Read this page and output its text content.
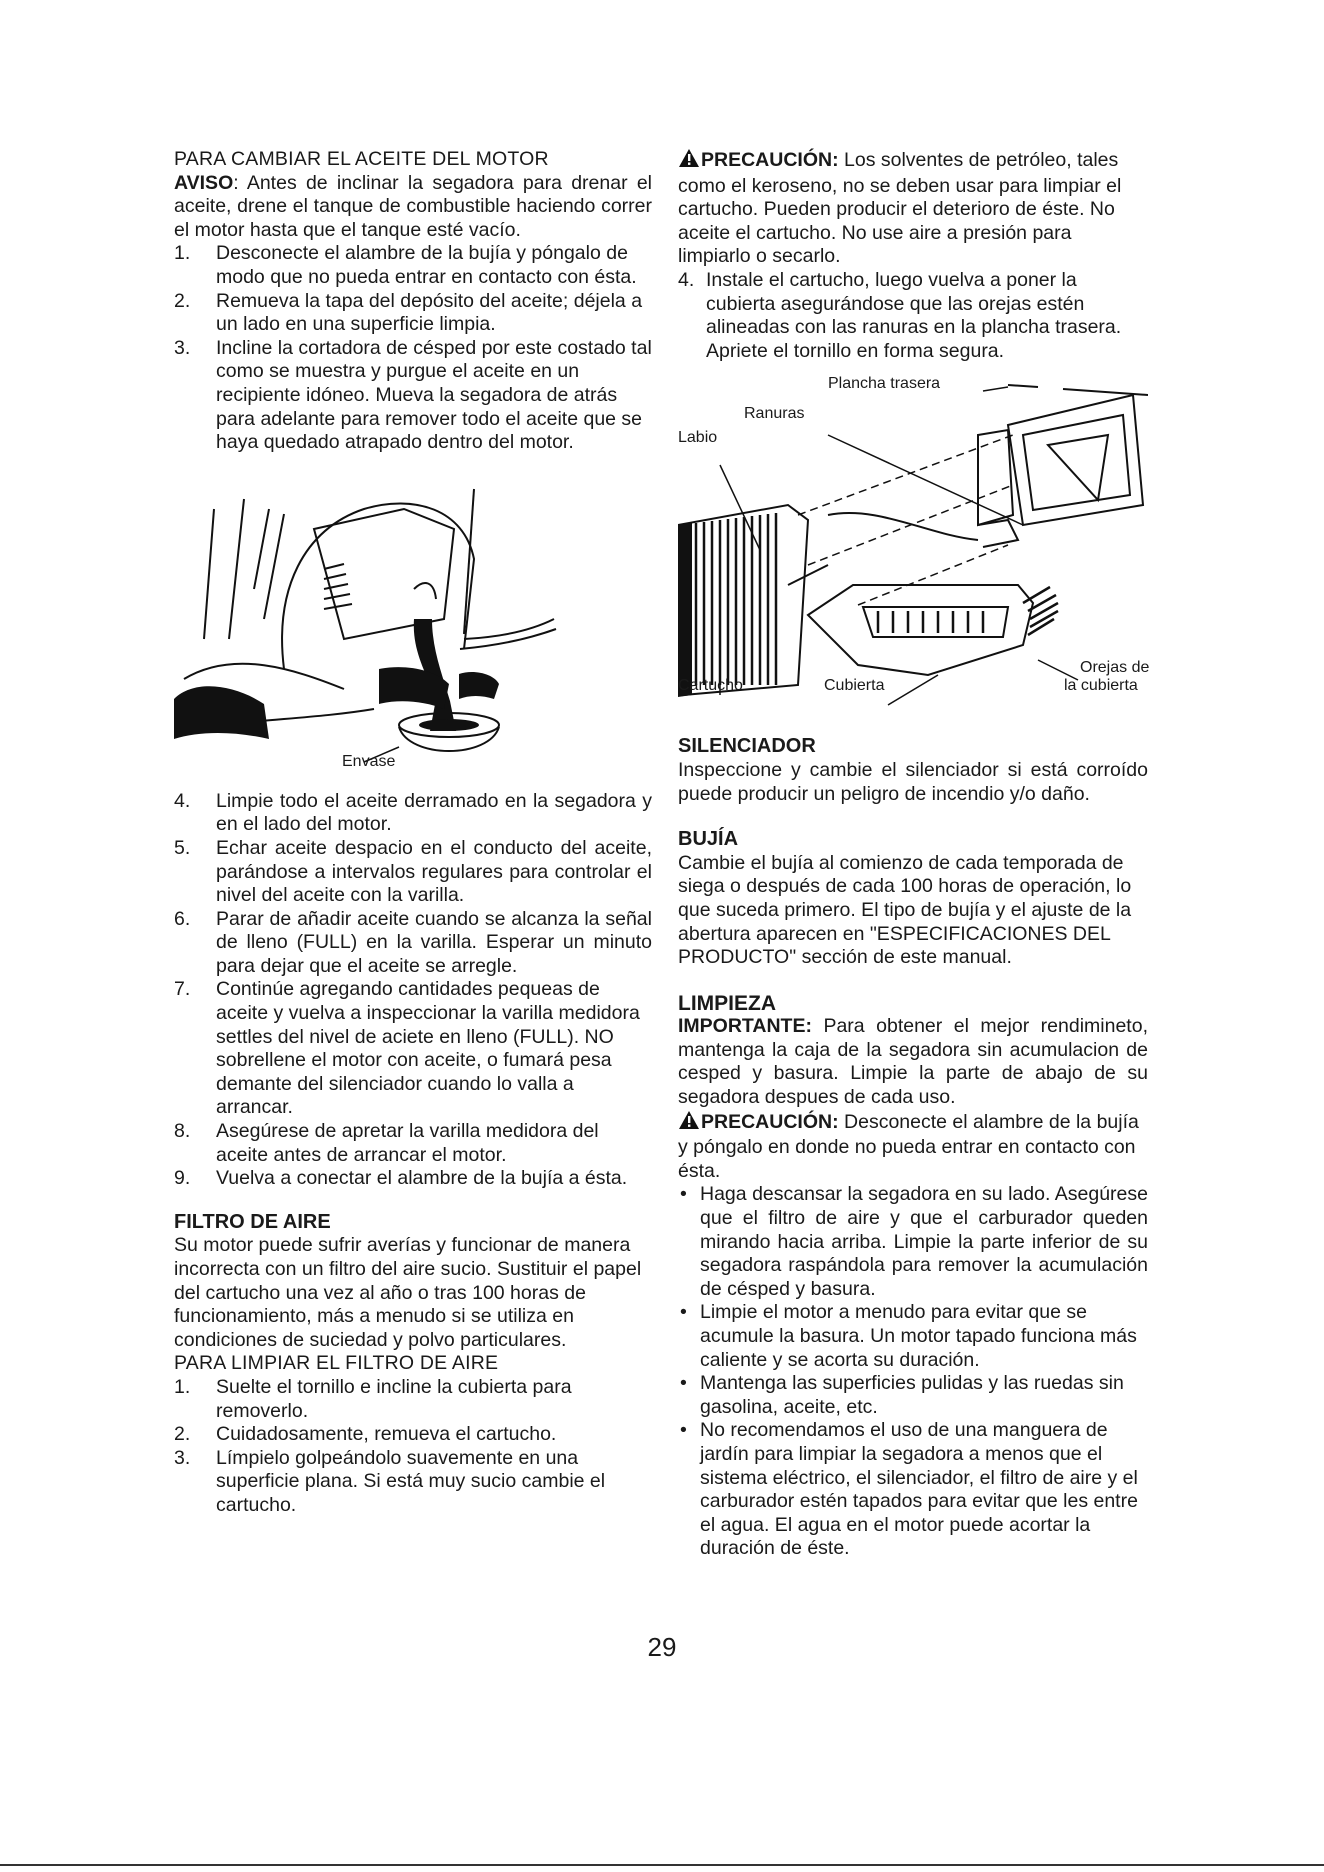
PARA CAMBIAR EL ACEITE DEL MOTOR

AVISO: Antes de inclinar la segadora para drenar el aceite, drene el tanque de combustible haciendo correr el motor hasta que el tanque esté vacío.

1. Desconecte el alambre de la bujía y póngalo de modo que no pueda entrar en contacto con ésta.
2. Remueva la tapa del depósito del aceite; déjela a un lado en una superficie limpia.
3. Incline la cortadora de césped por este costado tal como se muestra y purgue el aceite en un recipiente idóneo. Mueva la segadora de atrás para adelante para remover todo el aceite que se haya quedado atrapado dentro del motor.
Envase
4. Limpie todo el aceite derramado en la segadora y en el lado del motor.
5. Echar aceite despacio en el conducto del aceite, parándose a intervalos regulares para controlar el nivel del aceite con la varilla.
6. Parar de añadir aceite cuando se alcanza la señal de lleno (FULL) en la varilla. Esperar un minuto para dejar que el aceite se arregle.
7. Continúe agregando cantidades pequeas de aceite y vuelva a inspeccionar la varilla medidora settles del nivel de aciete en lleno (FULL). NO sobrellene el motor con aceite, o fumará pesa demante del silenciador cuando lo valla a arrancar.
8. Asegúrese de apretar la varilla medidora del aceite antes de arrancar el motor.
9. Vuelva a conectar el alambre de la bujía a ésta.

FILTRO DE AIRE

Su motor puede sufrir averías y funcionar de manera incorrecta con un filtro del aire sucio. Sustituir el papel del cartucho una vez al año o tras 100 horas de funcionamiento, más a menudo si se utiliza en condiciones de suciedad y polvo particulares.

PARA LIMPIAR EL FILTRO DE AIRE

1. Suelte el tornillo e incline la cubierta para removerlo.
2. Cuidadosamente, remueva el cartucho.
3. Límpielo golpeándolo suavemente en una superficie plana. Si está muy sucio cambie el cartucho.

PRECAUCIÓN: Los solventes de petróleo, tales como el keroseno, no se deben usar para limpiar el cartucho. Pueden producir el deterioro de éste. No aceite el cartucho. No use aire a presión para limpiarlo o secarlo.

4. Instale el cartucho, luego vuelva a poner la cubierta asegurándose que las orejas estén alineadas con las ranuras en la plancha trasera. Apriete el tornillo en forma segura.
Plancha trasera
Ranuras
Labio
Cartucho	Cubierta
Orejas de
la cubierta

SILENCIADOR

Inspeccione y cambie el silenciador si está corroído puede producir un peligro de incendio y/o daño.

BUJÍA

Cambie el bujía al comienzo de cada temporada de siega o después de cada 100 horas de operación, lo que suceda primero. El tipo de bujía y el ajuste de la abertura aparecen en "ESPECIFICACIONES DEL PRODUCTO" sección de este manual.

LIMPIEZA

IMPORTANTE: Para obtener el mejor rendimineto, mantenga la caja de la segadora sin acumulacion de cesped y basura. Limpie la parte de abajo de su segadora despues de cada uso.

PRECAUCIÓN: Desconecte el alambre de la bujía y póngalo en donde no pueda entrar en contacto con ésta.

• Haga descansar la segadora en su lado. Asegúrese que el filtro de aire y que el carburador queden mirando hacia arriba. Limpie la parte inferior de su segadora raspándola para remover la acumulación de césped y basura.
• Limpie el motor a menudo para evitar que se acumule la basura. Un motor tapado funciona más caliente y se acorta su duración.
• Mantenga las superficies pulidas y las ruedas sin gasolina, aceite, etc.
• No recomendamos el uso de una manguera de jardín para limpiar la segadora a menos que el sistema eléctrico, el silenciador, el filtro de aire y el carburador estén tapados para evitar que les entre el agua. El agua en el motor puede acortar la duración de éste.
29
